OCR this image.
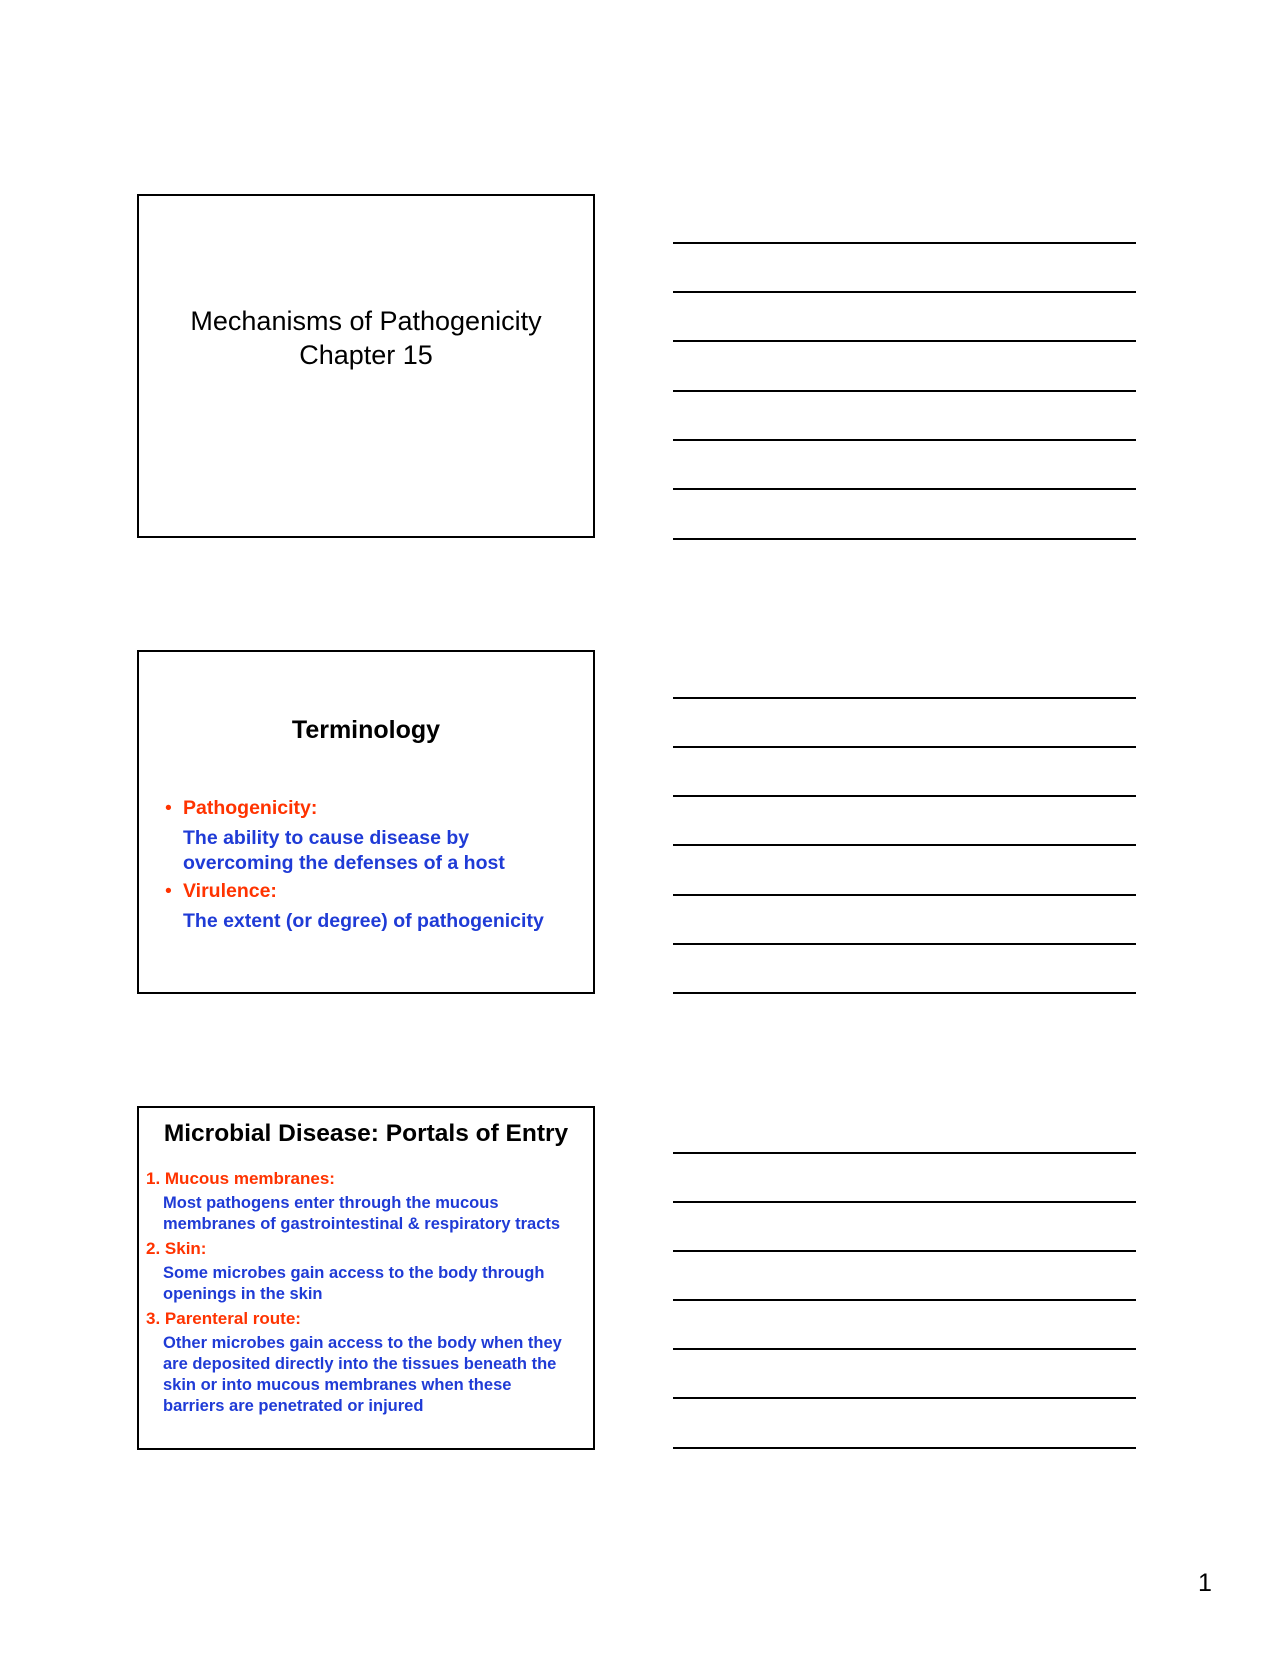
Mechanisms of Pathogenicity
Chapter 15
Terminology
• Pathogenicity:
The ability to cause disease by
overcoming the defenses of a host
• Virulence:
The extent (or degree) of pathogenicity
Microbial Disease: Portals of Entry
1. Mucous membranes:
Most pathogens enter through the mucous
membranes of gastrointestinal & respiratory tracts
2. Skin:
Some microbes gain access to the body through
openings in the skin
3. Parenteral route:
Other microbes gain access to the body when they
are deposited directly into the tissues beneath the
skin or into mucous membranes when these
barriers are penetrated or injured
1
